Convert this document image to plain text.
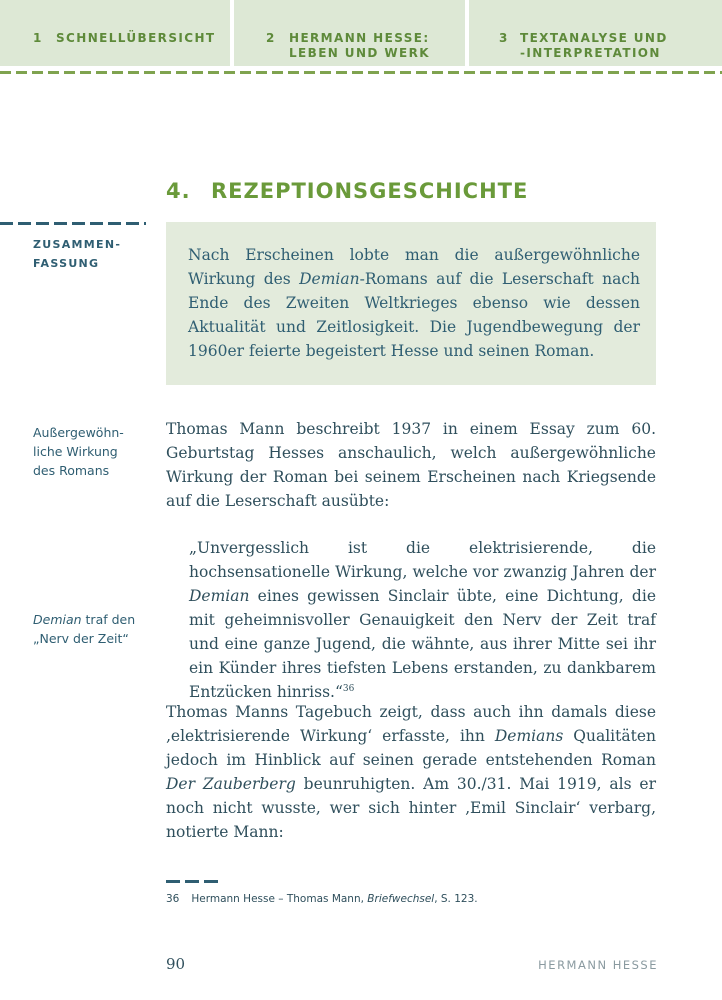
1 SCHNELLÜBERSICHT	2 HERMANN HESSE:
LEBEN UND WERK
3 TEXTANALYSE UND
-INTERPRETATION
4. REZEPTIONSGESCHICHTE
ZUSAMMEN-
FASSUNG	Nach Erscheinen lobte man die außergewöhnliche Wirkung des Demian-Romans auf die Leserschaft nach Ende des Zweiten Weltkrieges ebenso wie dessen Aktualität und Zeitlosigkeit. Die Jugendbewegung der 1960er feierte begeistert Hesse und seinen Roman.

Außergewöhn-
liche Wirkung
des Romans

Thomas Mann beschreibt 1937 in einem Essay zum 60. Geburtstag Hesses anschaulich, welch außergewöhnliche Wirkung der Roman bei seinem Erscheinen nach Kriegsende auf die Leserschaft ausübte:

Demian traf den
„Nerv der Zeit“

„Unvergesslich ist die elektrisierende, die hochsensationelle Wirkung, welche vor zwanzig Jahren der Demian eines gewissen Sinclair übte, eine Dichtung, die mit geheimnisvoller Genauigkeit den Nerv der Zeit traf und eine ganze Jugend, die wähnte, aus ihrer Mitte sei ihr ein Künder ihres tiefsten Lebens erstanden, zu dankbarem Entzücken hinriss.“$^{36}$

Thomas Manns Tagebuch zeigt, dass auch ihn damals diese ‚elektrisierende Wirkung‘ erfasste, ihn Demians Qualitäten jedoch im Hinblick auf seinen gerade entstehenden Roman Der Zauberberg beunruhigten. Am 30./31. Mai 1919, als er noch nicht wusste, wer sich hinter ‚Emil Sinclair‘ verbarg, notierte Mann:

36 Hermann Hesse – Thomas Mann, Briefwechsel, S. 123.
90	HERMANN HESSE
